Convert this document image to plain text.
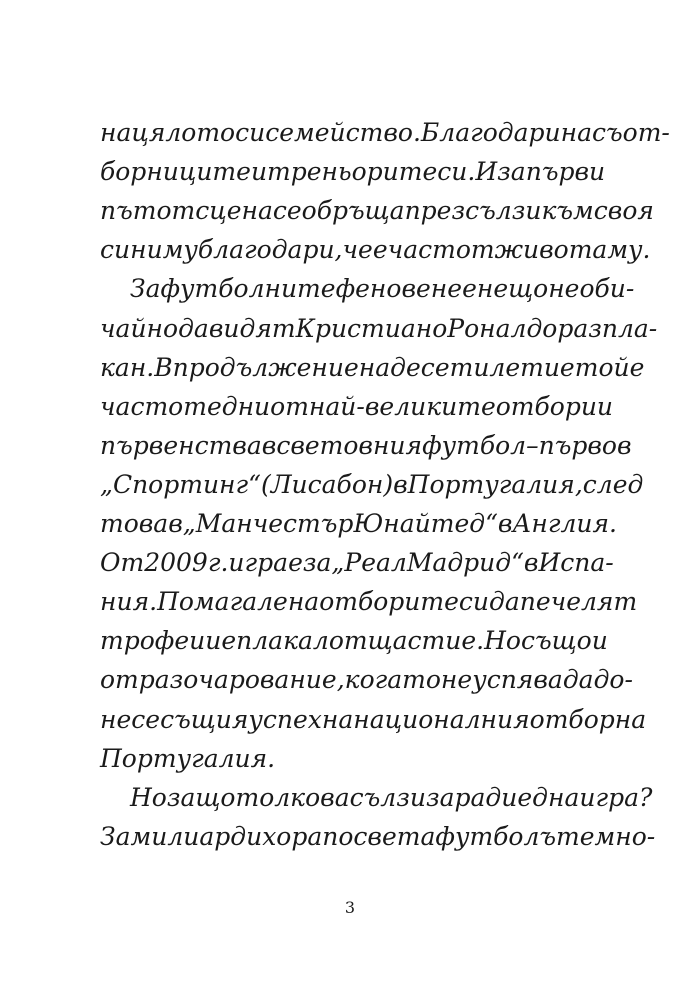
на цялото си семейство. Благодари на съот-
борниците и треньорите си. И за първи
път от сцена се обръща през сълзи към своя
син и му благодари, че е част от живота му.
За футболните фенове не е нещо необи-
чайно да видят Кристиано Роналдо разпла-
кан. В продължение на десетилетие той е
част от едни от най-великите отбори и
първенства в световния футбол – първо в
„Спортинг“ (Лисабон) в Португалия, след
това в „Манчестър Юнайтед“ в Англия.
От 2009 г. играе за „Реал Мадрид“ в Испа-
ния. Помагал е на отборите си да печелят
трофеи и е плакал от щастие. Но също и
от разочарование, когато не успява да до-
несе същия успех на националния отбор на
Португалия.
Но защо толкова сълзи заради една игра?
За милиарди хора по света футболът е мно-
3
